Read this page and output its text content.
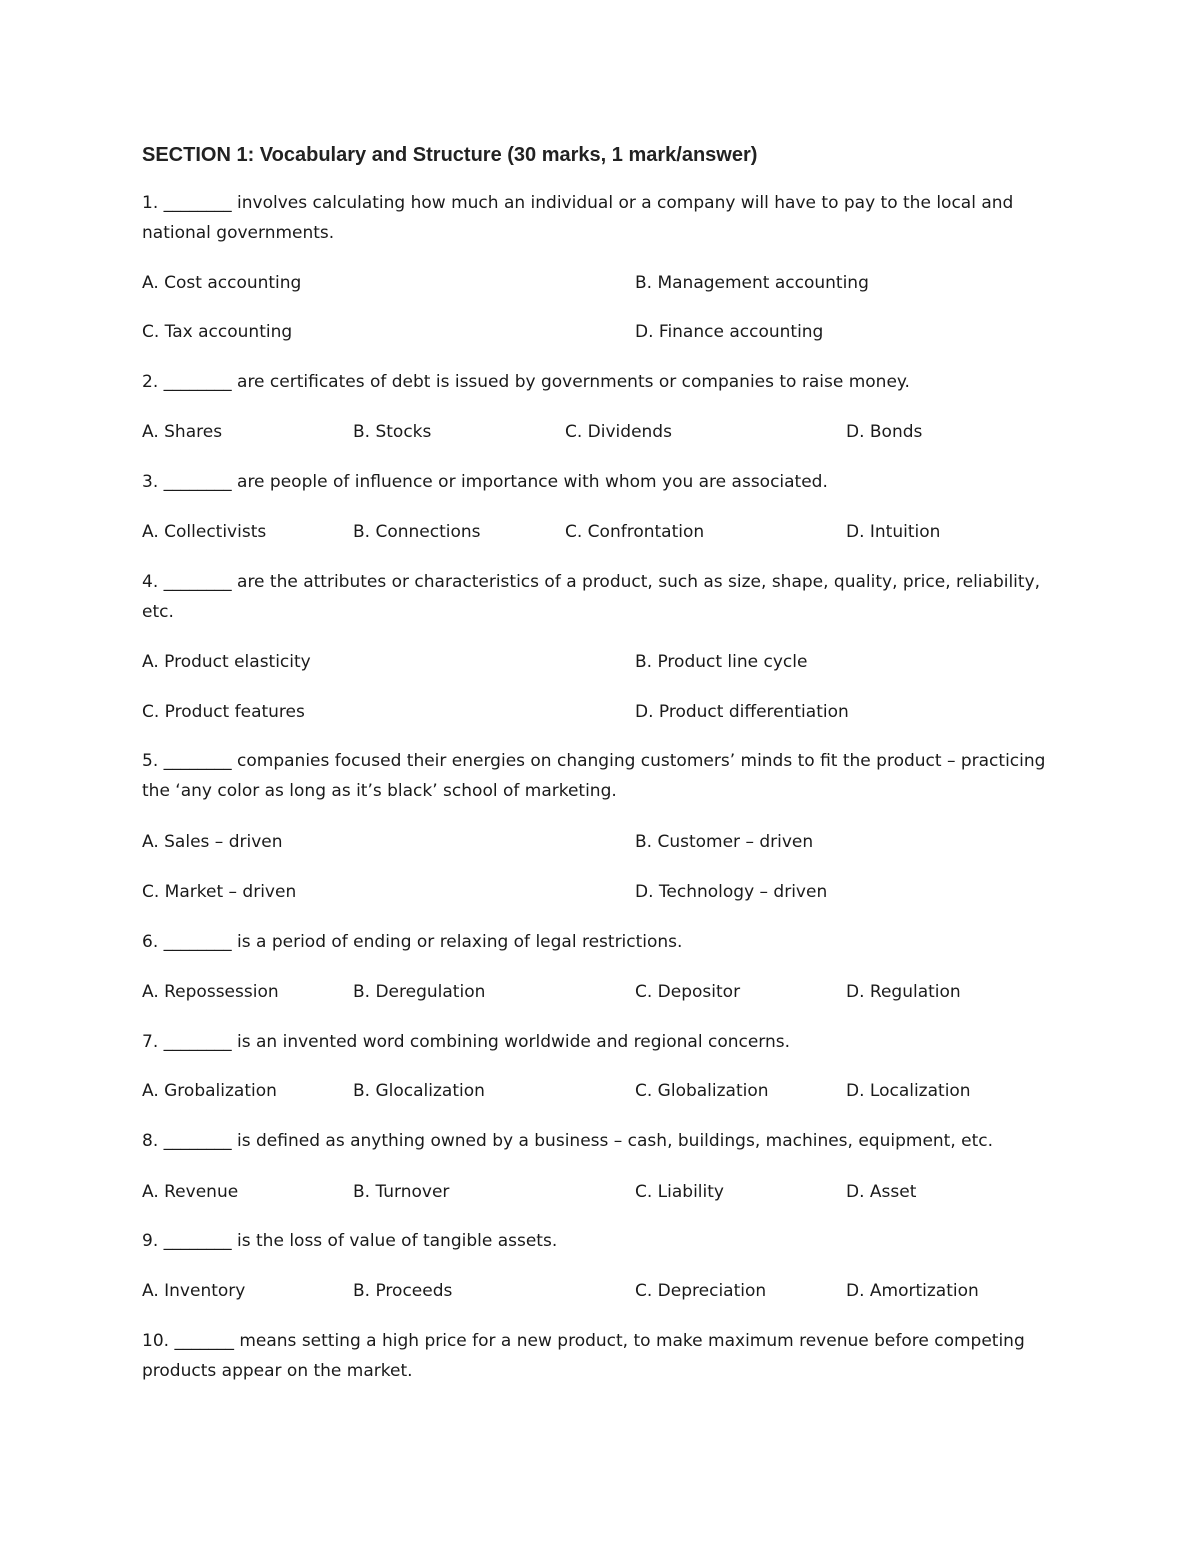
SECTION 1: Vocabulary and Structure (30 marks, 1 mark/answer)
1. ________ involves calculating how much an individual or a company will have to pay to the local and national governments.
A. Cost accounting	B. Management accounting
C. Tax accounting	D. Finance accounting
2. ________ are certificates of debt is issued by governments or companies to raise money.
A. Shares	B. Stocks	C. Dividends	D. Bonds
3. ________ are people of influence or importance with whom you are associated.
A. Collectivists	B. Connections	C. Confrontation	D. Intuition
4. ________ are the attributes or characteristics of a product, such as size, shape, quality, price, reliability, etc.
A. Product elasticity	B. Product line cycle
C. Product features	D. Product differentiation
5. ________ companies focused their energies on changing customers’ minds to fit the product – practicing the ‘any color as long as it’s black’ school of marketing.
A. Sales – driven	B. Customer – driven
C. Market – driven	D. Technology – driven
6. ________ is a period of ending or relaxing of legal restrictions.
A. Repossession	B. Deregulation	C. Depositor	D. Regulation
7. ________ is an invented word combining worldwide and regional concerns.
A. Grobalization	B. Glocalization	C. Globalization	D. Localization
8. ________ is defined as anything owned by a business – cash, buildings, machines, equipment, etc.
A. Revenue	B. Turnover	C. Liability	D. Asset
9. ________ is the loss of value of tangible assets.
A. Inventory	B. Proceeds	C. Depreciation	D. Amortization
10. _______ means setting a high price for a new product, to make maximum revenue before competing products appear on the market.
